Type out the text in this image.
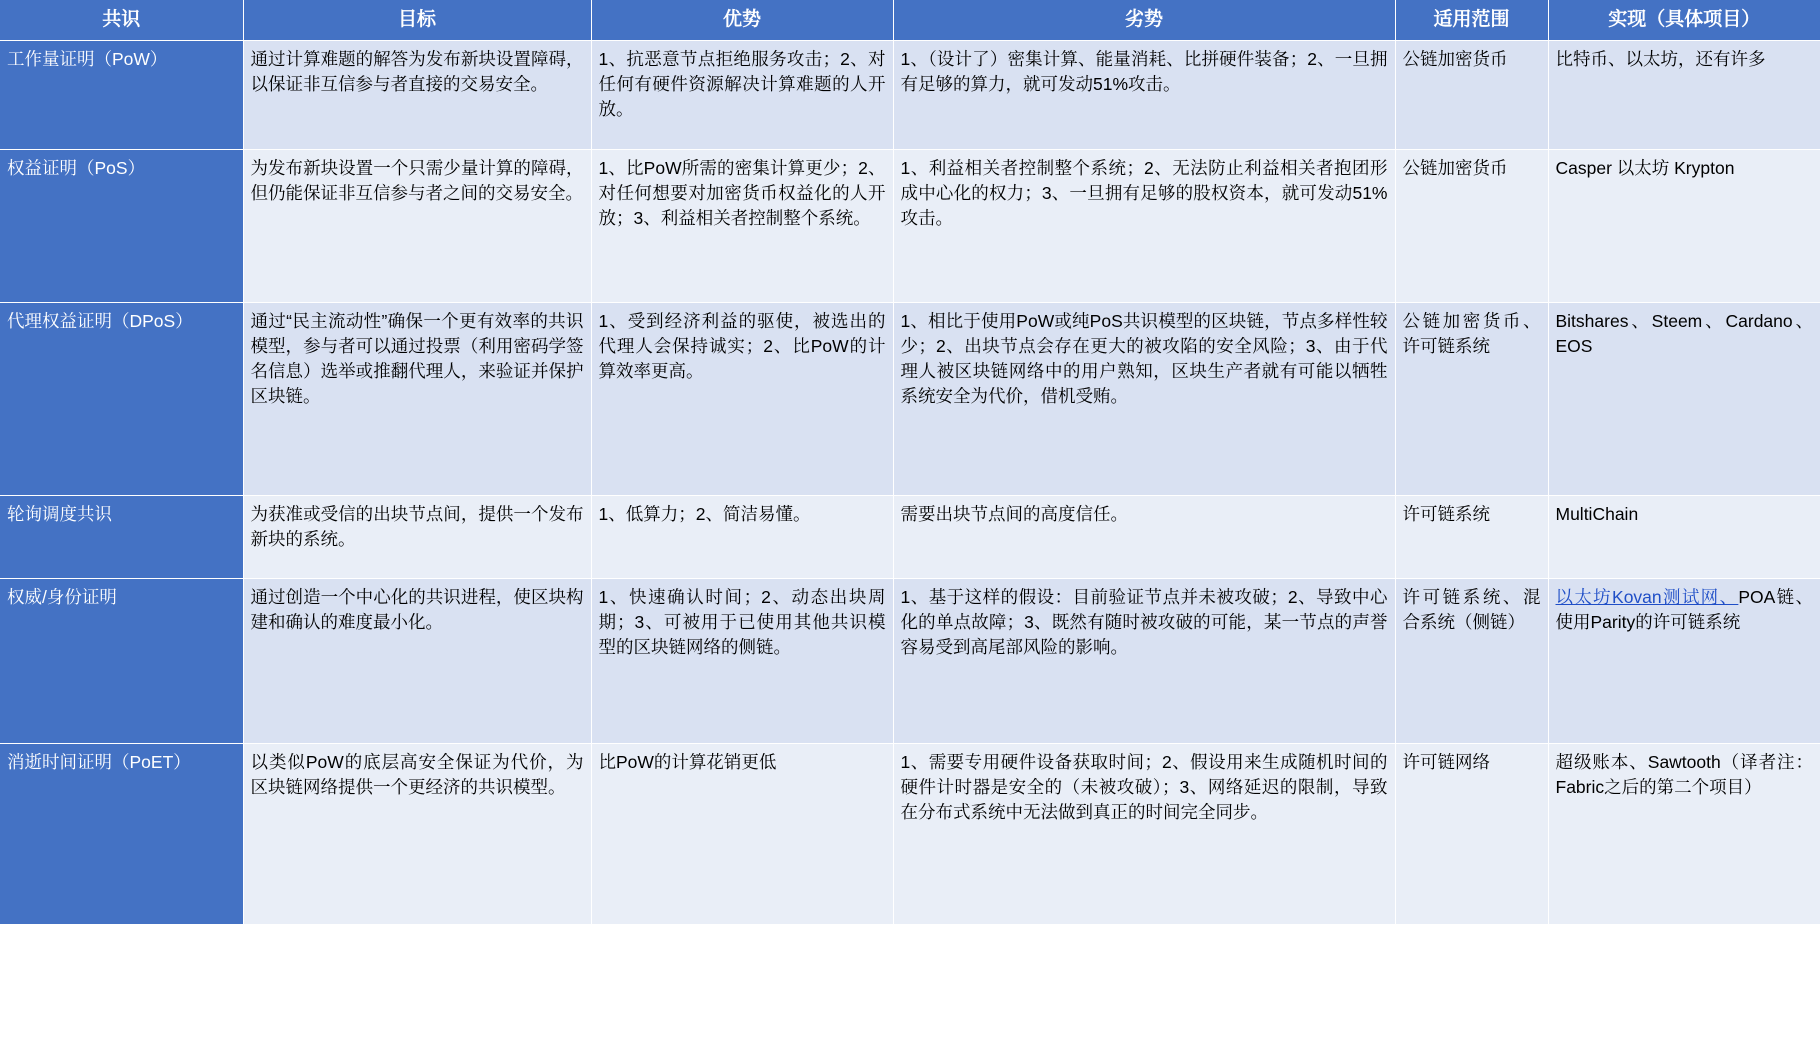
共识	目标	优势	劣势	适用范围	实现（具体项目）
工作量证明（PoW）	通过计算难题的解答为发布新块设置障碍，以保证非互信参与者直接的交易安全。	1、抗恶意节点拒绝服务攻击；2、对任何有硬件资源解决计算难题的人开放。	1、（设计了）密集计算、能量消耗、比拼硬件装备；2、一旦拥有足够的算力，就可发动51%攻击。	公链加密货币	比特币、以太坊，还有许多
权益证明（PoS）	为发布新块设置一个只需少量计算的障碍，但仍能保证非互信参与者之间的交易安全。	1、比PoW所需的密集计算更少；2、对任何想要对加密货币权益化的人开放；3、利益相关者控制整个系统。	1、利益相关者控制整个系统；2、无法防止利益相关者抱团形成中心化的权力；3、一旦拥有足够的股权资本，就可发动51%攻击。	公链加密货币	Casper 以太坊 Krypton
代理权益证明（DPoS）	通过“民主流动性”确保一个更有效率的共识模型，参与者可以通过投票（利用密码学签名信息）选举或推翻代理人，来验证并保护区块链。	1、受到经济利益的驱使，被选出的代理人会保持诚实；2、比PoW的计算效率更高。	1、相比于使用PoW或纯PoS共识模型的区块链，节点多样性较少；2、出块节点会存在更大的被攻陷的安全风险；3、由于代理人被区块链网络中的用户熟知，区块生产者就有可能以牺牲系统安全为代价，借机受贿。	公链加密货币、许可链系统	Bitshares、Steem、Cardano、EOS
轮询调度共识	为获准或受信的出块节点间，提供一个发布新块的系统。	1、低算力；2、简洁易懂。	需要出块节点间的高度信任。	许可链系统	MultiChain
权威/身份证明	通过创造一个中心化的共识进程，使区块构建和确认的难度最小化。	1、快速确认时间；2、动态出块周期；3、可被用于已使用其他共识模型的区块链网络的侧链。	1、基于这样的假设：目前验证节点并未被攻破；2、导致中心化的单点故障；3、既然有随时被攻破的可能，某一节点的声誉容易受到高尾部风险的影响。	许可链系统、混合系统（侧链）	以太坊Kovan测试网、POA链、使用Parity的许可链系统
消逝时间证明（PoET）	以类似PoW的底层高安全保证为代价，为区块链网络提供一个更经济的共识模型。	比PoW的计算花销更低	1、需要专用硬件设备获取时间；2、假设用来生成随机时间的硬件计时器是安全的（未被攻破）；3、网络延迟的限制，导致在分布式系统中无法做到真正的时间完全同步。	许可链网络	超级账本、Sawtooth（译者注：Fabric之后的第二个项目）
